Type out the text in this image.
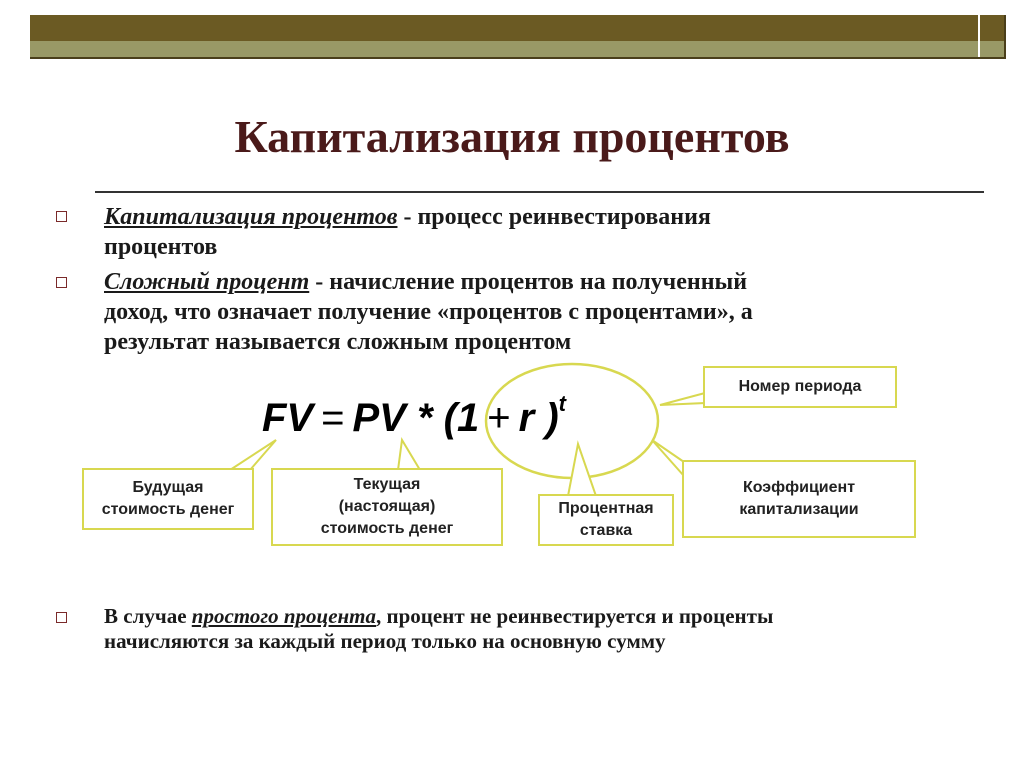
Капитализация процентов
Капитализация процентов - процесс реинвестирования
процентов
Сложный процент - начисление процентов на полученный
доход, что означает получение «процентов с процентами», а
результат называется сложным процентом
FV = PV * (1 + r )$^t$
Номер периода
Будущая
стоимость денег
Текущая
(настоящая)
стоимость денег
Процентная
ставка
Коэффициент
капитализации
В случае простого процента, процент не реинвестируется и проценты
начисляются за каждый период только на основную сумму
